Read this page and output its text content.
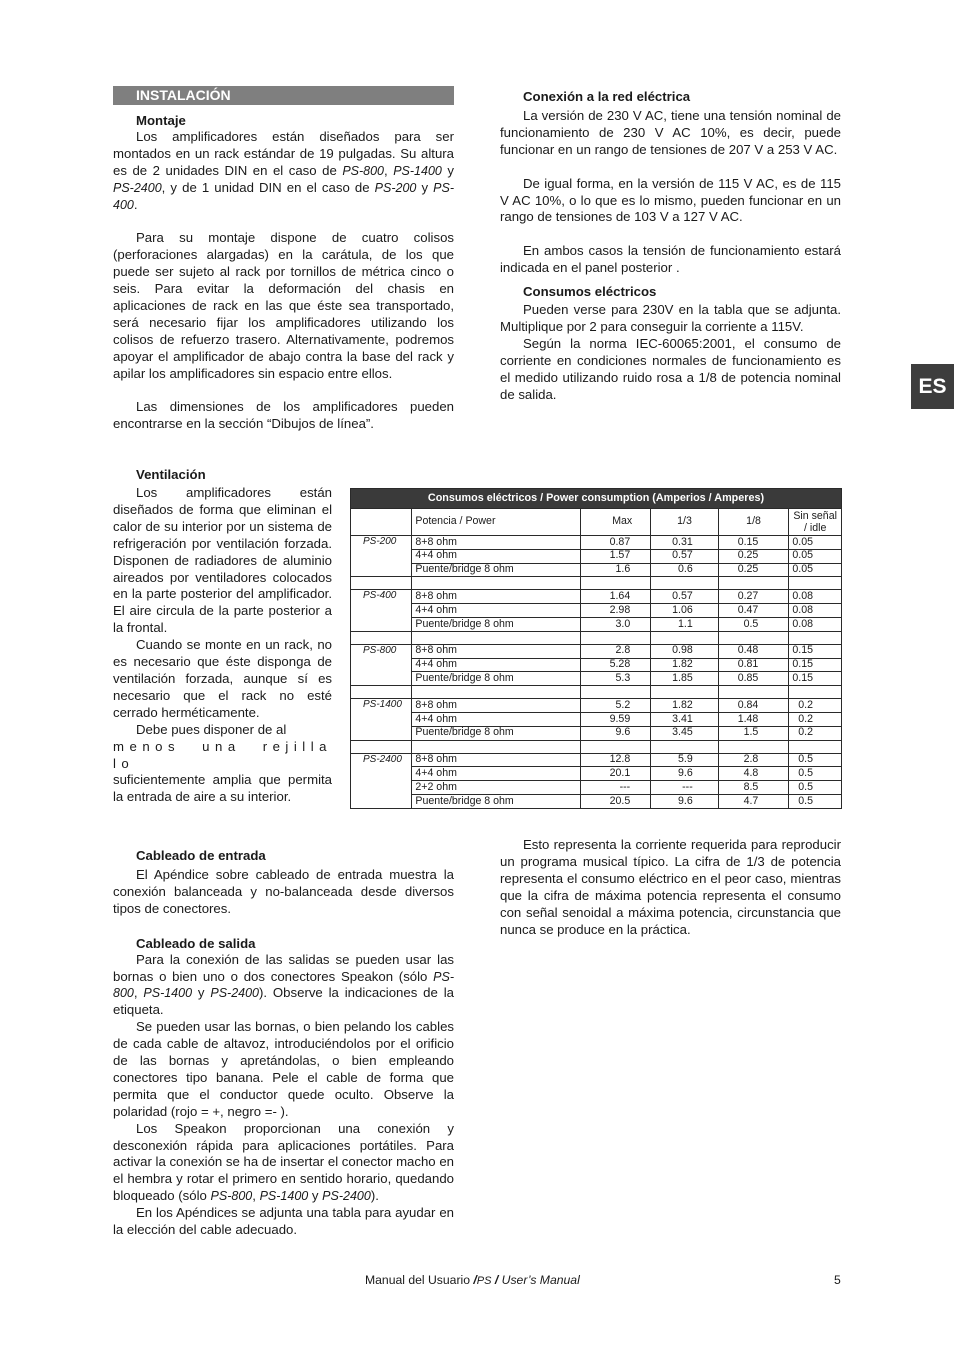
ES
INSTALACIÓN

Montaje

Los amplificadores están diseñados para ser montados en un rack estándar de 19 pulgadas. Su altura es de 2 unidades DIN en el caso de PS-800, PS-1400 y PS-2400, y de 1 unidad DIN en el caso de PS-200 y PS-400.

Para su montaje dispone de cuatro colisos (perforaciones alargadas) en la carátula, de los que puede ser sujeto al rack por tornillos de métrica cinco o seis. Para evitar la deformación del chasis en aplicaciones de rack en las que éste sea transportado, será necesario fijar los amplificadores utilizando los colisos de refuerzo trasero. Alternativamente, podremos apoyar el amplificador de abajo contra la base del rack y apilar los amplificadores sin espacio entre ellos.

Las dimensiones de los amplificadores pueden encontrarse en la sección “Dibujos de línea”.

Ventilación

Los amplificadores están diseñados de forma que eliminan el calor de su interior por un sistema de refrigeración por ventilación forzada. Disponen de radiadores de aluminio aireados por ventiladores colocados en la parte posterior del amplificador. El aire circula de la parte posterior a la frontal.

Cuando se monte en un rack, no es necesario que éste disponga de ventilación forzada, aunque sí es necesario que el rack no esté cerrado herméticamente.

Debe pues disponer de al
menos una rejilla lo
suficientemente amplia que permita la entrada de aire a su interior.

Conexión a la red eléctrica

La versión de 230 V AC, tiene una tensión nominal de funcionamiento de 230 V AC 10%, es decir, puede funcionar en un rango de tensiones de 207 V a 253 V AC.

De igual forma, en la versión de 115 V AC, es de 115 V AC 10%, o lo que es lo mismo, pueden funcionar en un rango de tensiones de 103 V a 127 V AC.

En ambos casos la tensión de funcionamiento estará indicada en el panel posterior .

Consumos eléctricos

Pueden verse para 230V en la tabla que se adjunta. Multiplique por 2 para conseguir la corriente a 115V.

Según la norma IEC-60065:2001, el consumo de corriente en condiciones normales de funcionamiento es el medido utilizando ruido rosa a 1/8 de potencia nominal de salida.

Consumos eléctricos / Power consumption (Amperios / Amperes)					
	Potencia / Power	Max	1/3	1/8	Sin señal / idle
PS-200	8+8 ohm	0.87	0.31	0.15	0.05
	4+4 ohm	1.57	0.57	0.25	0.05
	Puente/bridge 8 ohm	1.6	0.6	0.25	0.05

PS-400	8+8 ohm	1.64	0.57	0.27	0.08
	4+4 ohm	2.98	1.06	0.47	0.08
	Puente/bridge 8 ohm	3.0	1.1	0.5	0.08

PS-800	8+8 ohm	2.8	0.98	0.48	0.15
	4+4 ohm	5.28	1.82	0.81	0.15
	Puente/bridge 8 ohm	5.3	1.85	0.85	0.15

PS-1400	8+8 ohm	5.2	1.82	0.84	0.2
	4+4 ohm	9.59	3.41	1.48	0.2
	Puente/bridge 8 ohm	9.6	3.45	1.5	0.2

PS-2400	8+8 ohm	12.8	5.9	2.8	0.5
	4+4 ohm	20.1	9.6	4.8	0.5
	2+2 ohm	---	---	8.5	0.5
	Puente/bridge 8 ohm	20.5	9.6	4.7	0.5

Esto representa la corriente requerida para reproducir un programa musical típico. La cifra de 1/3 de potencia representa el consumo eléctrico en el peor caso, mientras que la cifra de máxima potencia representa el consumo con señal senoidal a máxima potencia, circunstancia que nunca se produce en la práctica.

Cableado de entrada

El Apéndice sobre cableado de entrada muestra la conexión balanceada y no-balanceada desde diversos tipos de conectores.

Cableado de salida

Para la conexión de las salidas se pueden usar las bornas o bien uno o dos conectores Speakon (sólo PS-800, PS-1400 y PS-2400). Observe la indicaciones de la etiqueta.

Se pueden usar las bornas, o bien pelando los cables de cada cable de altavoz, introduciéndolos por el orificio de las bornas y apretándolas, o bien empleando conectores tipo banana. Pele el cable de forma que permita que el conductor quede oculto. Observe la polaridad (rojo = +, negro =- ).

Los Speakon proporcionan una conexión y desconexión rápida para aplicaciones portátiles. Para activar la conexión se ha de insertar el conector macho en el hembra y rotar el primero en sentido horario, quedando bloqueado (sólo PS-800, PS-1400 y PS-2400).

En los Apéndices se adjunta una tabla para ayudar en la elección del cable adecuado.

Manual del Usuario /PS / User’s Manual	5
